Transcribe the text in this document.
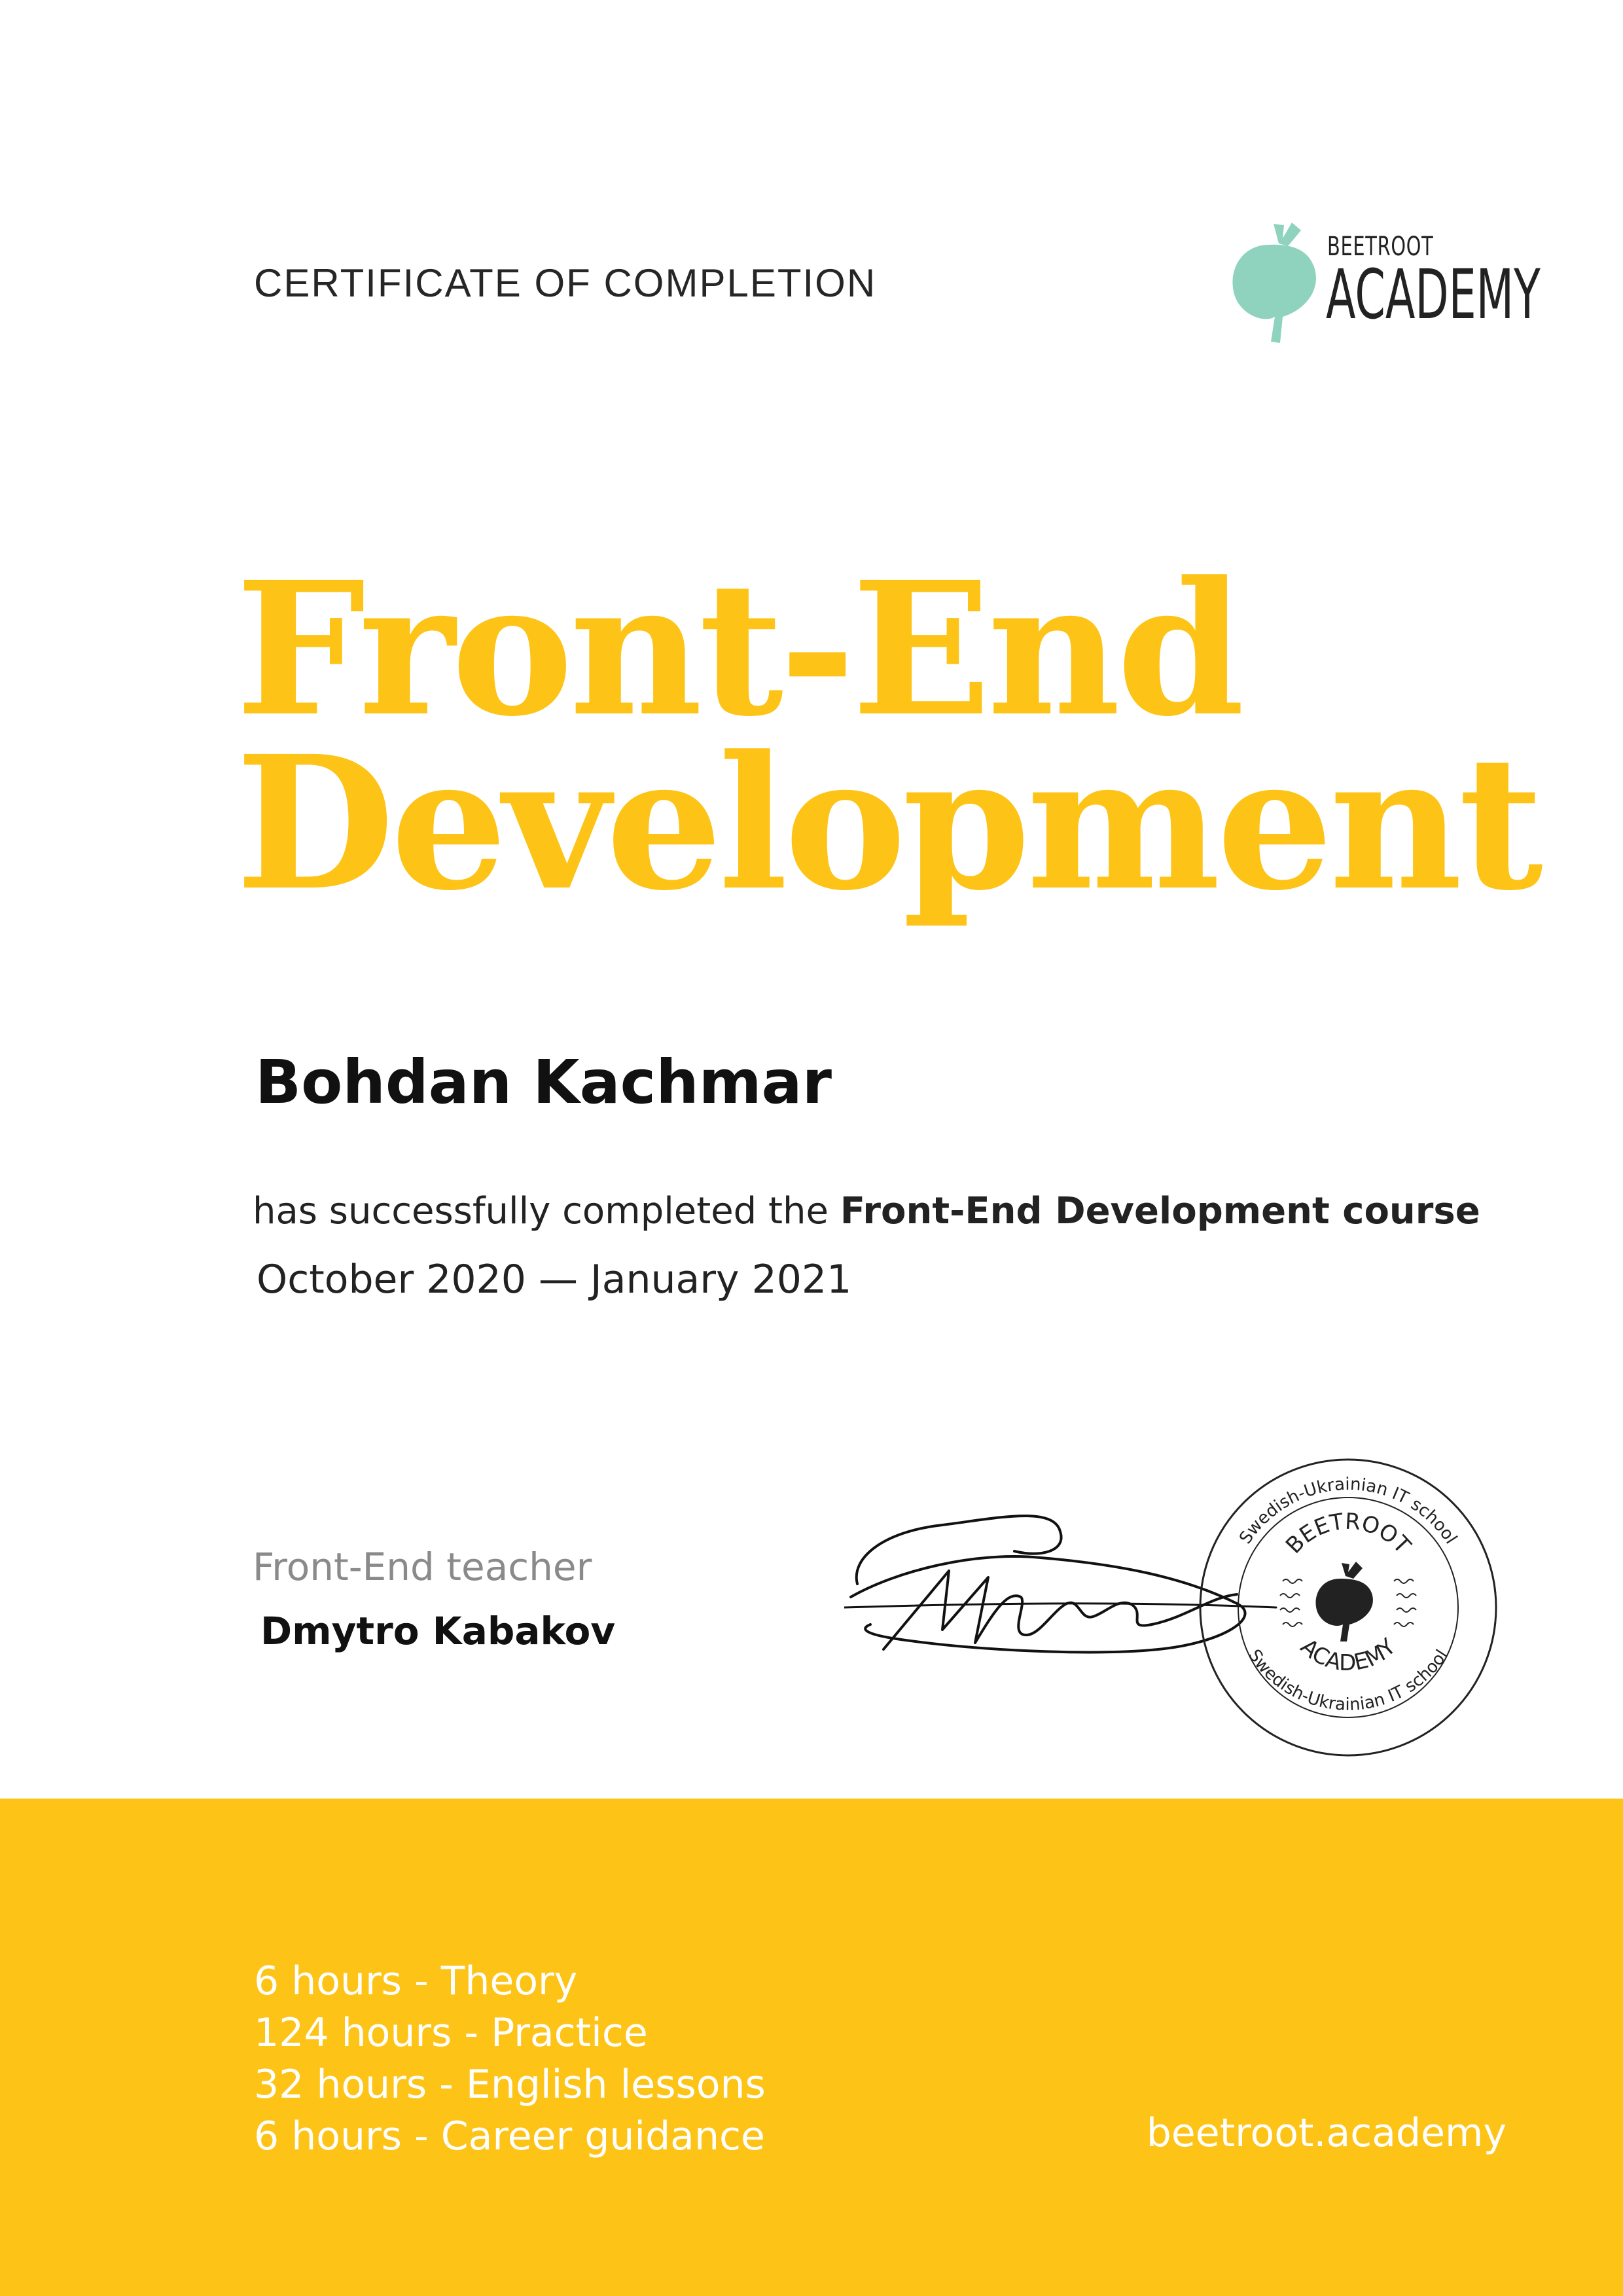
CERTIFICATE OF COMPLETION
BEETROOT
ACADEMY
Front-End
Development
Bohdan Kachmar
has successfully completed the Front-End Development course
October 2020 — January 2021
Front-End teacher
Dmytro Kabakov
Swedish-Ukrainian IT school
Swedish-Ukrainian IT school
BEETROOT
ACADEMY
6 hours - Theory
124 hours - Practice
32 hours - English lessons
6 hours - Career guidance	beetroot.academy
